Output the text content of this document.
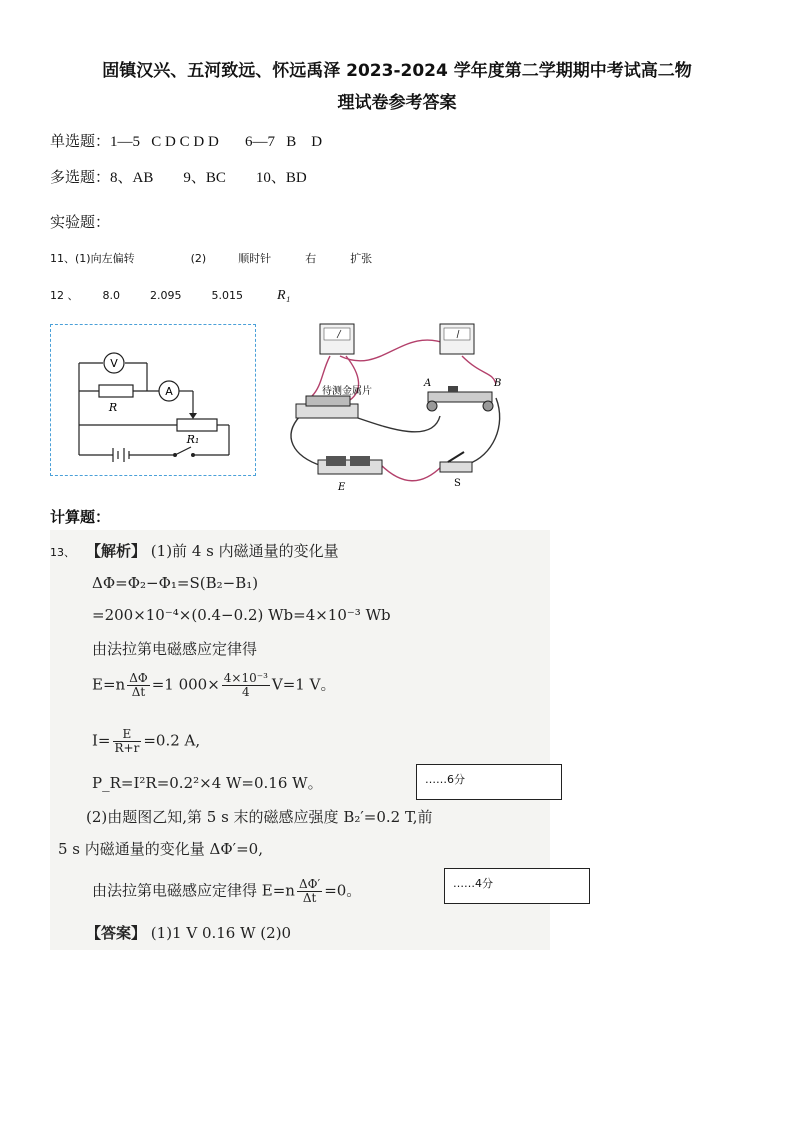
固镇汉兴、五河致远、怀远禹泽 2023-2024 学年度第二学期期中考试高二物
理试卷参考答案
单选题：1—5 C D C D D 6—7 B D
多选题：8、AB 9、BC 10、BD
实验题：
11、(1)向左偏转	(2)	顺时针	右	扩张
12 、 8.0	2.095	5.015 R₁
V
A
R
R₁
待测金属片
A	B
E	S
计算题：
13、 【解析】 (1)前 4 s 内磁通量的变化量
ΔΦ=Φ₂−Φ₁=S(B₂−B₁)
=200×10⁻⁴×(0.4−0.2) Wb=4×10⁻³ Wb
由法拉第电磁感应定律得
$E=n \frac{\Delta\Phi}{\Delta t} =1$ $000\times \frac{\text{4×10⁻³}}{4} V=1$ V。
$I= \frac{E}{R+r} =0.2$ A,
P_R=I²R=0.2²×4 W=0.16 W。	……6分
(2)由题图乙知,第 5 s 末的磁感应强度 B₂′=0.2 T,前
5 s 内磁通量的变化量 ΔΦ′=0,
由法拉第电磁感应定律得 $E=n \frac{\Delta\Phi'}{\Delta t} =0$。	……4分
【答案】 (1)1 V 0.16 W (2)0
